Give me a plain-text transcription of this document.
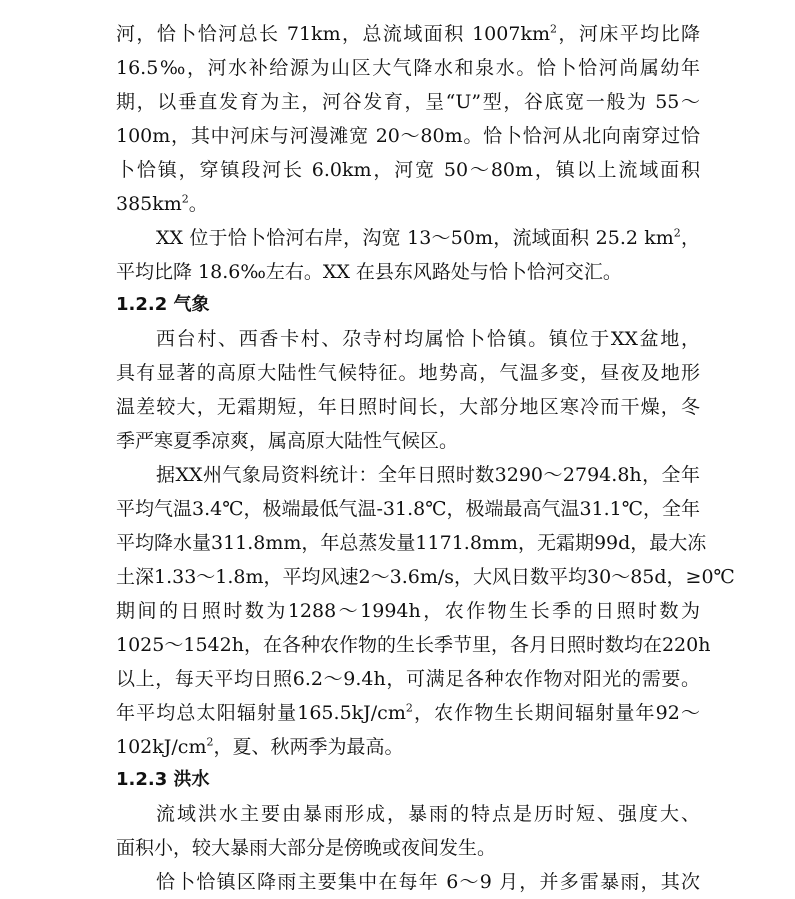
河，恰卜恰河总长 71km，总流域面积 $1007km^2$，河床平均比降
16.5‰，河水补给源为山区大气降水和泉水。恰卜恰河尚属幼年
期，以垂直发育为主，河谷发育，呈“U”型，谷底宽一般为 55～
100m，其中河床与河漫滩宽 20～80m。恰卜恰河从北向南穿过恰
卜恰镇，穿镇段河长 6.0km，河宽 50～80m，镇以上流域面积
$385km^2$。
XX 位于恰卜恰河右岸，沟宽 13～50m，流域面积 25.2 $km^2$，
平均比降 18.6‰左右。XX 在县东风路处与恰卜恰河交汇。
1.2.2 气象
西台村、西香卡村、尕寺村均属恰卜恰镇。镇位于XX盆地，
具有显著的高原大陆性气候特征。地势高，气温多变，昼夜及地形
温差较大，无霜期短，年日照时间长，大部分地区寒冷而干燥，冬
季严寒夏季凉爽，属高原大陆性气候区。
据XX州气象局资料统计：全年日照时数3290～2794.8h，全年
平均气温3.4℃，极端最低气温-31.8℃，极端最高气温31.1℃，全年
平均降水量311.8mm，年总蒸发量1171.8mm，无霜期99d，最大冻
土深1.33～1.8m，平均风速2～3.6m/s，大风日数平均30～85d，≥0℃
期间的日照时数为1288～1994h，农作物生长季的日照时数为
1025～1542h，在各种农作物的生长季节里，各月日照时数均在220h
以上，每天平均日照6.2～9.4h，可满足各种农作物对阳光的需要。
年平均总太阳辐射量$165.5kJ/cm^2$，农作物生长期间辐射量年92～
$102kJ/cm^2$，夏、秋两季为最高。
1.2.3 洪水
流域洪水主要由暴雨形成，暴雨的特点是历时短、强度大、
面积小，较大暴雨大部分是傍晚或夜间发生。
恰卜恰镇区降雨主要集中在每年 6～9 月，并多雷暴雨，其次
